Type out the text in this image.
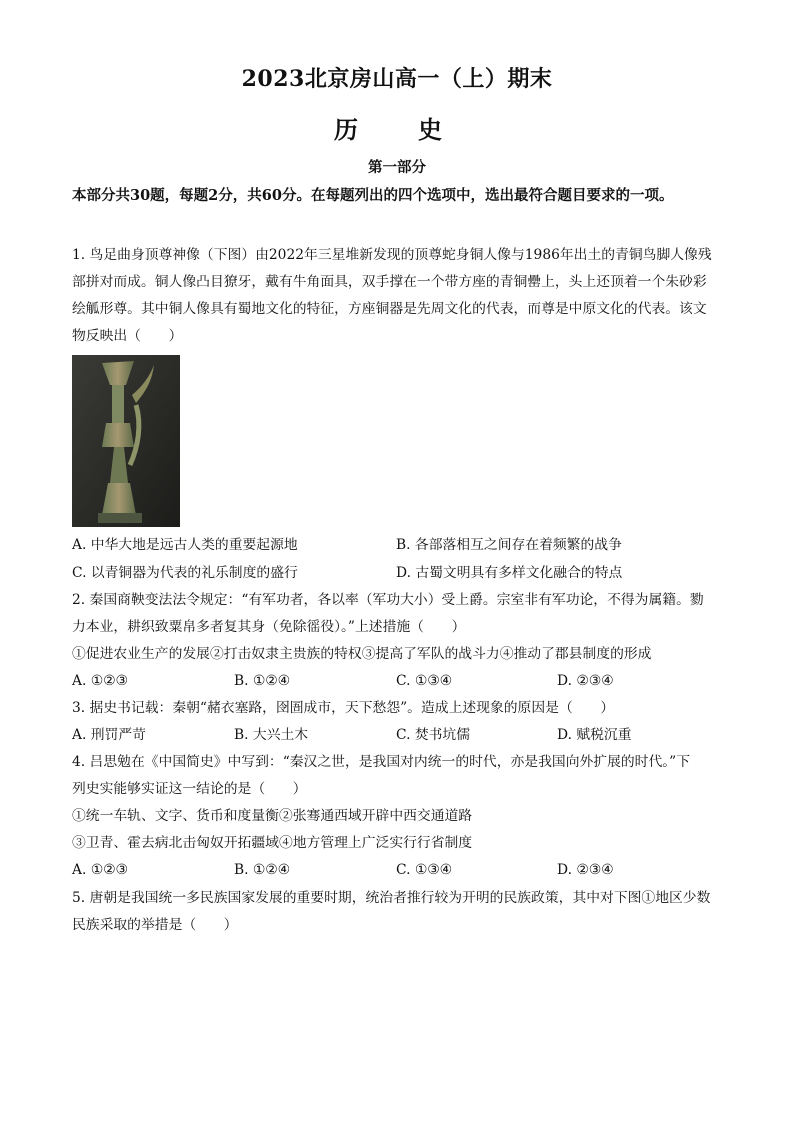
2023北京房山高一（上）期末
历　史
第一部分
本部分共30题，每题2分，共60分。在每题列出的四个选项中，选出最符合题目要求的一项。
1. 鸟足曲身顶尊神像（下图）由2022年三星堆新发现的顶尊蛇身铜人像与1986年出土的青铜鸟脚人像残
部拼对而成。铜人像凸目獠牙，戴有牛角面具，双手撑在一个带方座的青铜罍上，头上还顶着一个朱砂彩
绘觚形尊。其中铜人像具有蜀地文化的特征，方座铜器是先周文化的代表，而尊是中原文化的代表。该文
物反映出（　　）
A. 中华大地是远古人类的重要起源地	B. 各部落相互之间存在着频繁的战争
C. 以青铜器为代表的礼乐制度的盛行	D. 古蜀文明具有多样文化融合的特点
2. 秦国商鞅变法法令规定：“有军功者，各以率（军功大小）受上爵。宗室非有军功论，不得为属籍。勠
力本业，耕织致粟帛多者复其身（免除徭役）。”上述措施（　　）
①促进农业生产的发展②打击奴隶主贵族的特权③提高了军队的战斗力④推动了郡县制度的形成
A. ①②③	B. ①②④	C. ①③④	D. ②③④
3. 据史书记载：秦朝“赭衣塞路，囹圄成市，天下愁怨”。造成上述现象的原因是（　　）
A. 刑罚严苛	B. 大兴土木	C. 焚书坑儒	D. 赋税沉重
4. 吕思勉在《中国简史》中写到：“秦汉之世，是我国对内统一的时代，亦是我国向外扩展的时代。”下
列史实能够实证这一结论的是（　　）
①统一车轨、文字、货币和度量衡②张骞通西域开辟中西交通道路
③卫青、霍去病北击匈奴开拓疆域④地方管理上广泛实行行省制度
A. ①②③	B. ①②④	C. ①③④	D. ②③④
5. 唐朝是我国统一多民族国家发展的重要时期，统治者推行较为开明的民族政策，其中对下图①地区少数
民族采取的举措是（　　）
